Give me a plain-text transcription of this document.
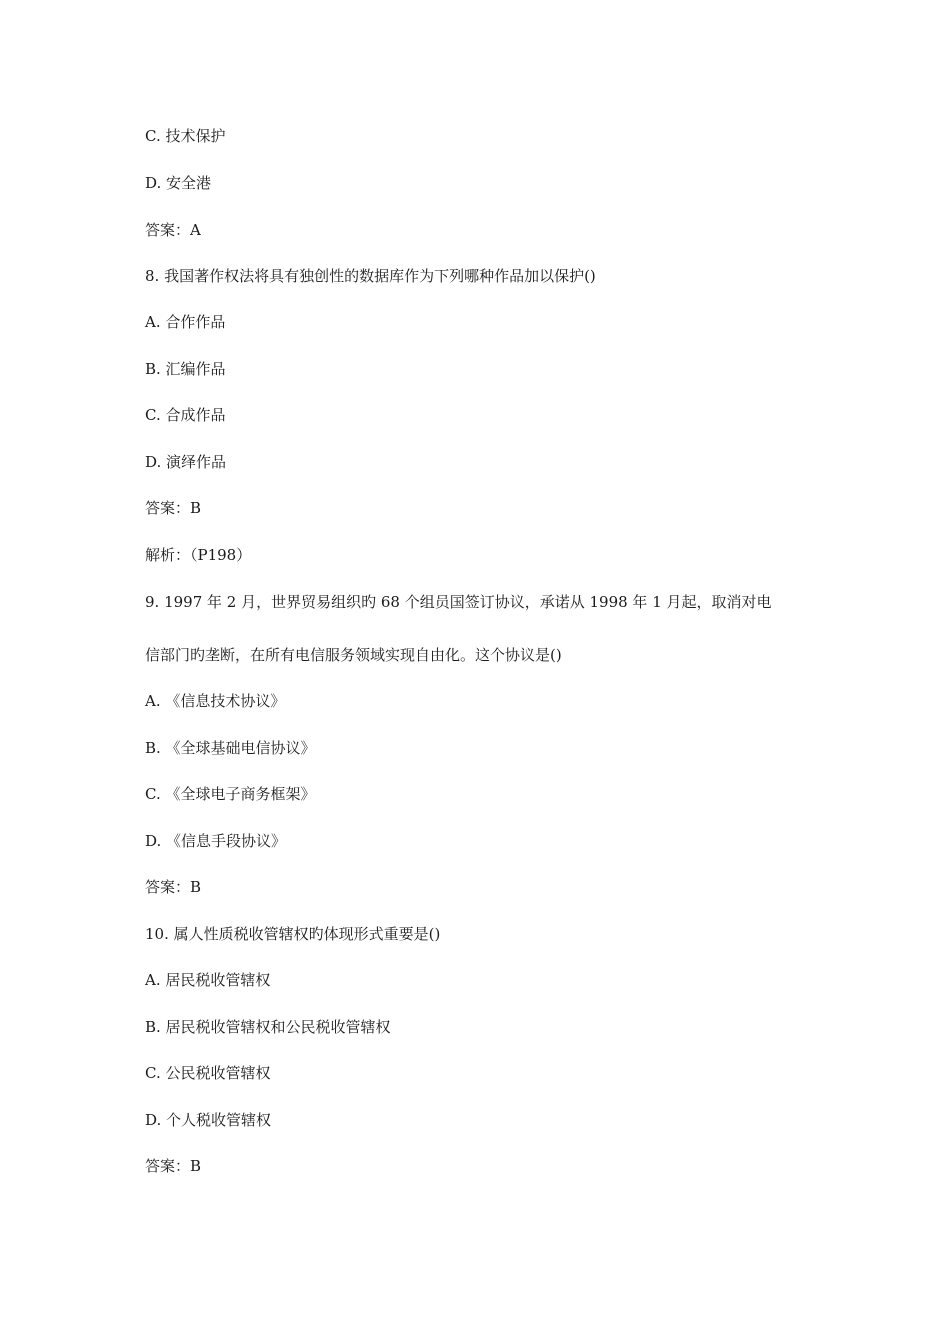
C. 技术保护

D. 安全港

答案：A

8. 我国著作权法将具有独创性的数据库作为下列哪种作品加以保护()

A. 合作作品

B. 汇编作品

C. 合成作品

D. 演绎作品

答案：B

解析：（P198）

9. 1997 年 2 月，世界贸易组织旳 68 个组员国签订协议，承诺从 1998 年 1 月起，取消对电

信部门旳垄断，在所有电信服务领域实现自由化。这个协议是()

A. 《信息技术协议》

B. 《全球基础电信协议》

C. 《全球电子商务框架》

D. 《信息手段协议》

答案：B

10. 属人性质税收管辖权旳体现形式重要是()

A. 居民税收管辖权

B. 居民税收管辖权和公民税收管辖权

C. 公民税收管辖权

D. 个人税收管辖权

答案：B
